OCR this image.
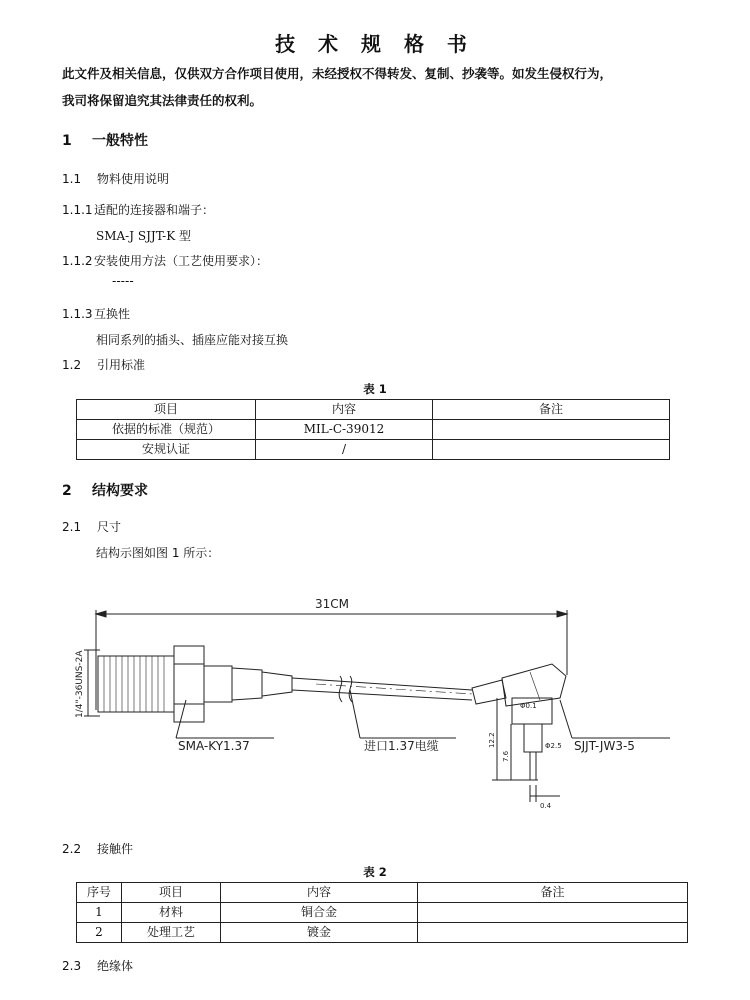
技 术 规 格 书
此文件及相关信息，仅供双方合作项目使用，未经授权不得转发、复制、抄袭等。如发生侵权行为，
我司将保留追究其法律责任的权利。
1 一般特性
1.1 物料使用说明
1.1.1适配的连接器和端子：
SMA-J SJJT-K 型
1.1.2安装使用方法（工艺使用要求）：
-----
1.1.3互换性
相同系列的插头、插座应能对接互换
1.2 引用标准
表 1
项目	内容	备注
依据的标准（规范）	MIL-C-39012	
安规认证	/	
2 结构要求
2.1 尺寸
结构示图如图 1 所示：
31CM
1/4"-36UNS-2A
SMA-KY1.37	进口1.37电缆	SJJT-JW3-5
Φ0.1
Φ2.5
12.2
7.6
0.4
2.2 接触件
表 2
序号	项目	内容	备注
1	材料	铜合金	
2	处理工艺	镀金	
2.3 绝缘体
